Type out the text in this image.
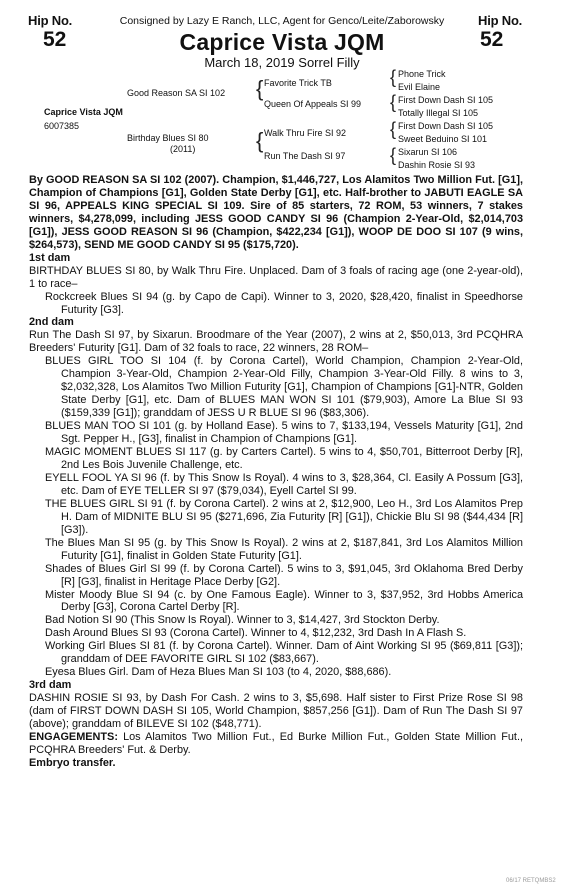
Hip No.
52
Hip No.
52
Consigned by Lazy E Ranch, LLC, Agent for Genco/Leite/Zaborowsky
Caprice Vista JQM
March 18, 2019 Sorrel Filly
Caprice Vista JQM
6007385
Good Reason SA SI 102
Birthday Blues SI 80
(2011)
{ Favorite Trick TB
Queen Of Appeals SI 99
{ Walk Thru Fire SI 92
Run The Dash SI 97
{
{
{
{
Phone Trick
Evil Elaine
First Down Dash SI 105
Totally Illegal SI 105
First Down Dash SI 105
Sweet Beduino SI 101
Sixarun SI 106
Dashin Rosie SI 93

By GOOD REASON SA SI 102 (2007). Champion, $1,446,727, Los Alamitos Two Million Fut. [G1], Champion of Champions [G1], Golden State Derby [G1], etc. Half-brother to JABUTI EAGLE SA SI 96, APPEALS KING SPECIAL SI 109. Sire of 85 starters, 72 ROM, 53 winners, 7 stakes winners, $4,278,099, including JESS GOOD CANDY SI 96 (Champion 2-Year-Old, $2,014,703 [G1]), JESS GOOD REASON SI 96 (Champion, $422,234 [G1]), WOOP DE DOO SI 107 (9 wins, $264,573), SEND ME GOOD CANDY SI 95 ($175,720).

1st dam

BIRTHDAY BLUES SI 80, by Walk Thru Fire. Unplaced. Dam of 3 foals of racing age (one 2-year-old), 1 to race–

Rockcreek Blues SI 94 (g. by Capo de Capi). Winner to 3, 2020, $28,420, finalist in Speedhorse Futurity [G3].

2nd dam

Run The Dash SI 97, by Sixarun. Broodmare of the Year (2007), 2 wins at 2, $50,013, 3rd PCQHRA Breeders' Futurity [G1]. Dam of 32 foals to race, 22 winners, 28 ROM–

BLUES GIRL TOO SI 104 (f. by Corona Cartel), World Champion, Champion 2-Year-Old, Champion 3-Year-Old, Champion 2-Year-Old Filly, Champion 3-Year-Old Filly. 8 wins to 3, $2,032,328, Los Alamitos Two Million Futurity [G1], Champion of Champions [G1]-NTR, Golden State Derby [G1], etc. Dam of BLUES MAN WON SI 101 ($79,903), Amore La Blue SI 93 ($159,339 [G1]); granddam of JESS U R BLUE SI 96 ($83,306).

BLUES MAN TOO SI 101 (g. by Holland Ease). 5 wins to 7, $133,194, Vessels Maturity [G1], 2nd Sgt. Pepper H., [G3], finalist in Champion of Champions [G1].

MAGIC MOMENT BLUES SI 117 (g. by Carters Cartel). 5 wins to 4, $50,701, Bitterroot Derby [R], 2nd Les Bois Juvenile Challenge, etc.

EYELL FOOL YA SI 96 (f. by This Snow Is Royal). 4 wins to 3, $28,364, Cl. Easily A Possum [G3], etc. Dam of EYE TELLER SI 97 ($79,034), Eyell Cartel SI 99.

THE BLUES GIRL SI 91 (f. by Corona Cartel). 2 wins at 2, $12,900, Leo H., 3rd Los Alamitos Prep H. Dam of MIDNITE BLU SI 95 ($271,696, Zia Futurity [R] [G1]), Chickie Blu SI 98 ($44,434 [R] [G3]).

The Blues Man SI 95 (g. by This Snow Is Royal). 2 wins at 2, $187,841, 3rd Los Alamitos Million Futurity [G1], finalist in Golden State Futurity [G1].

Shades of Blues Girl SI 99 (f. by Corona Cartel). 5 wins to 3, $91,045, 3rd Oklahoma Bred Derby [R] [G3], finalist in Heritage Place Derby [G2].

Mister Moody Blue SI 94 (c. by One Famous Eagle). Winner to 3, $37,952, 3rd Hobbs America Derby [G3], Corona Cartel Derby [R].

Bad Notion SI 90 (This Snow Is Royal). Winner to 3, $14,427, 3rd Stockton Derby.

Dash Around Blues SI 93 (Corona Cartel). Winner to 4, $12,232, 3rd Dash In A Flash S.

Working Girl Blues SI 81 (f. by Corona Cartel). Winner. Dam of Aint Working SI 95 ($69,811 [G3]); granddam of DEE FAVORITE GIRL SI 102 ($83,667).

Eyesa Blues Girl. Dam of Heza Blues Man SI 103 (to 4, 2020, $88,686).

3rd dam

DASHIN ROSIE SI 93, by Dash For Cash. 2 wins to 3, $5,698. Half sister to First Prize Rose SI 98 (dam of FIRST DOWN DASH SI 105, World Champion, $857,256 [G1]). Dam of Run The Dash SI 97 (above); granddam of BILEVE SI 102 ($48,771).

ENGAGEMENTS: Los Alamitos Two Million Fut., Ed Burke Million Fut., Golden State Million Fut., PCQHRA Breeders' Fut. & Derby.

Embryo transfer.

06/17 RETQMBS2
